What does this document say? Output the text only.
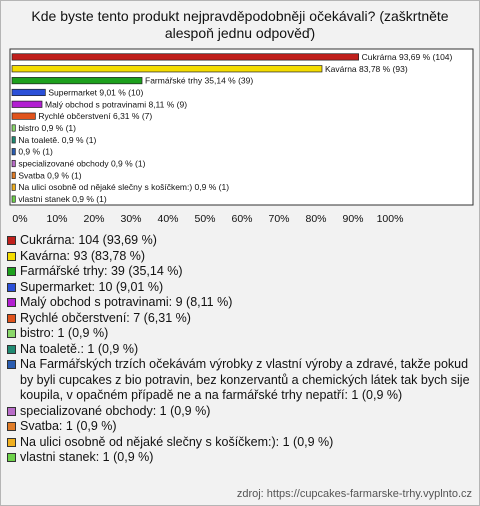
Kde byste tento produkt nejpravděpodobněji očekávali? (zaškrtněte alespoň jednu odpověď)
Cukrárna 93,69 % (104)
Kavárna 83,78 % (93)
Farmářské trhy 35,14 % (39)
Supermarket 9,01 % (10)
Malý obchod s potravinami 8,11 % (9)
Rychlé občerstvení 6,31 % (7)
bistro 0,9 % (1)
Na toaletě. 0,9 % (1)
0,9 % (1)
specializované obchody 0,9 % (1)
Svatba 0,9 % (1)
Na ulici osobně od nějaké slečny s košíčkem:) 0,9 % (1)
vlastni stanek 0,9 % (1)
0% 10% 20% 30% 40% 50% 60% 70% 80% 90% 100%
Cukrárna: 104 (93,69 %)
Kavárna: 93 (83,78 %)
Farmářské trhy: 39 (35,14 %)
Supermarket: 10 (9,01 %)
Malý obchod s potravinami: 9 (8,11 %)
Rychlé občerstvení: 7 (6,31 %)
bistro: 1 (0,9 %)
Na toaletě.: 1 (0,9 %)
Na Farmářských trzích očekávám výrobky z vlastní výroby a zdravé, takže pokud by byli cupcakes z bio potravin, bez konzervantů a chemických látek tak bych sije koupila, v opačném případě ne a na farmářské trhy nepatří: 1 (0,9 %)
specializované obchody: 1 (0,9 %)
Svatba: 1 (0,9 %)
Na ulici osobně od nějaké slečny s košíčkem:): 1 (0,9 %)
vlastni stanek: 1 (0,9 %)
zdroj: https://cupcakes-farmarske-trhy.vyplnto.cz
